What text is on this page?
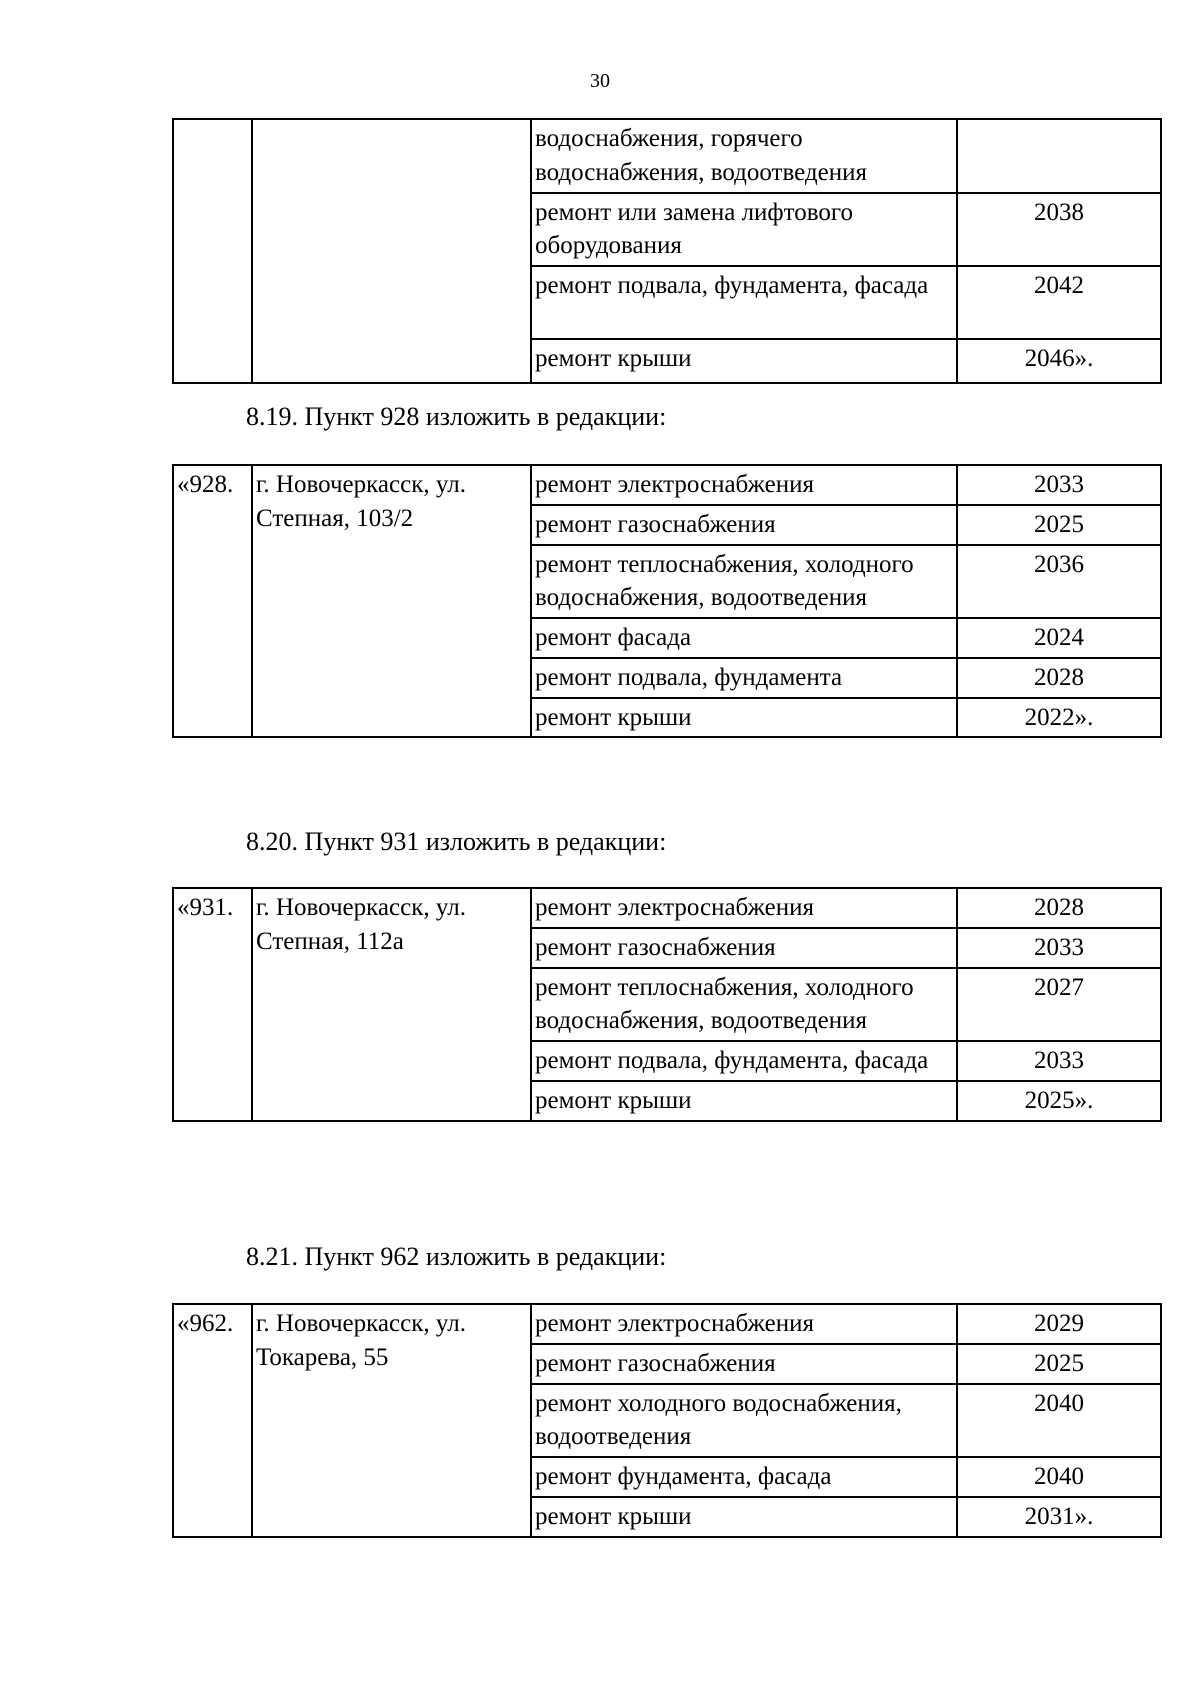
30
		водоснабжения, горячего водоснабжения, водоотведения	
		ремонт или замена лифтового оборудования	2038
		ремонт подвала, фундамента, фасада	2042
		ремонт крыши	2046».
8.19. Пункт 928 изложить в редакции:
«928.	г. Новочеркасск, ул. Степная, 103/2	ремонт электроснабжения	2033
		ремонт газоснабжения	2025
		ремонт теплоснабжения, холодного водоснабжения, водоотведения	2036
		ремонт фасада	2024
		ремонт подвала, фундамента	2028
		ремонт крыши	2022».
8.20. Пункт 931 изложить в редакции:
«931.	г. Новочеркасск, ул. Степная, 112а	ремонт электроснабжения	2028
		ремонт газоснабжения	2033
		ремонт теплоснабжения, холодного водоснабжения, водоотведения	2027
		ремонт подвала, фундамента, фасада	2033
		ремонт крыши	2025».
8.21. Пункт 962 изложить в редакции:
«962.	г. Новочеркасск, ул. Токарева, 55	ремонт электроснабжения	2029
		ремонт газоснабжения	2025
		ремонт холодного водоснабжения, водоотведения	2040
		ремонт фундамента, фасада	2040
		ремонт крыши	2031».
